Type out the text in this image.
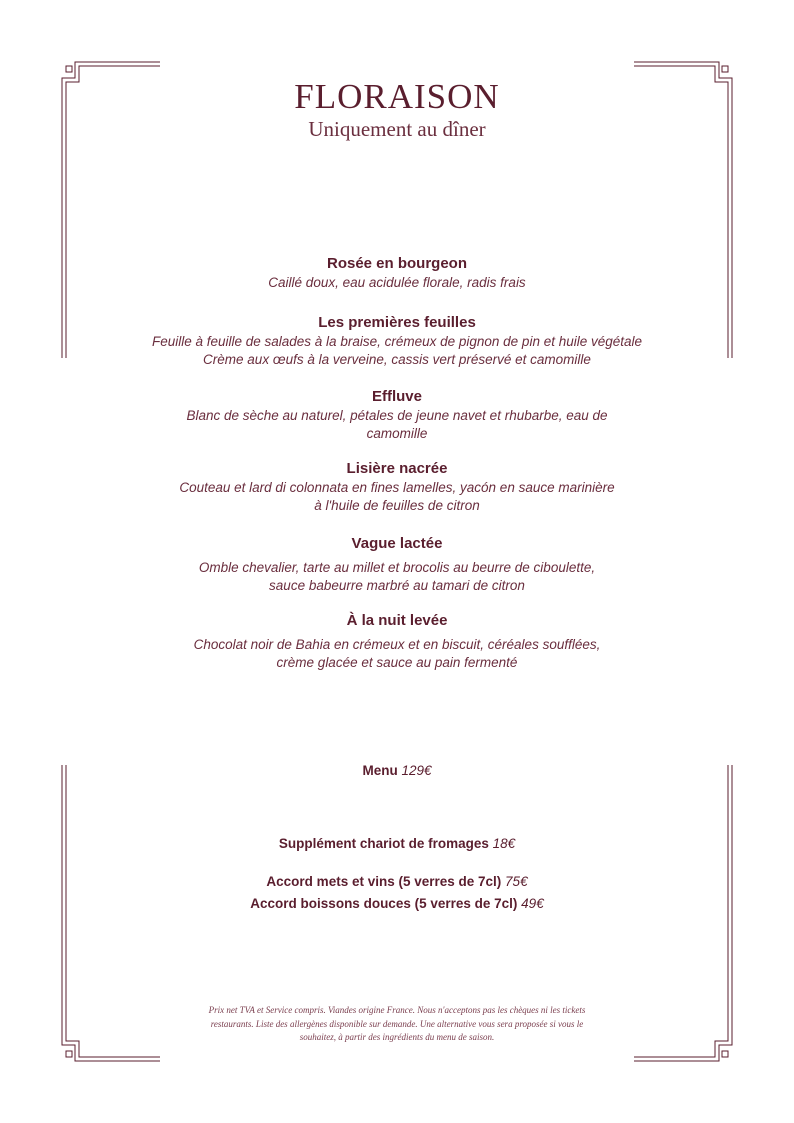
FLORAISON
Uniquement au dîner
Rosée en bourgeon
Caillé doux, eau acidulée florale, radis frais
Les premières feuilles
Feuille à feuille de salades à la braise, crémeux de pignon de pin et huile végétale
Crème aux œufs à la verveine, cassis vert préservé et camomille
Effluve
Blanc de sèche au naturel, pétales de jeune navet et rhubarbe, eau de
camomille
Lisière nacrée
Couteau et lard di colonnata en fines lamelles, yacón en sauce marinière
à l'huile de feuilles de citron
Vague lactée
Omble chevalier, tarte au millet et brocolis au beurre de ciboulette,
sauce babeurre marbré au tamari de citron
À la nuit levée
Chocolat noir de Bahia en crémeux et en biscuit, céréales soufflées,
crème glacée et sauce au pain fermenté
Menu 129€
Supplément chariot de fromages 18€
Accord mets et vins (5 verres de 7cl) 75€
Accord boissons douces (5 verres de 7cl) 49€
Prix net TVA et Service compris. Viandes origine France. Nous n'acceptons pas les chèques ni les tickets
restaurants. Liste des allergènes disponible sur demande. Une alternative vous sera proposée si vous le
souhaitez, à partir des ingrédients du menu de saison.
